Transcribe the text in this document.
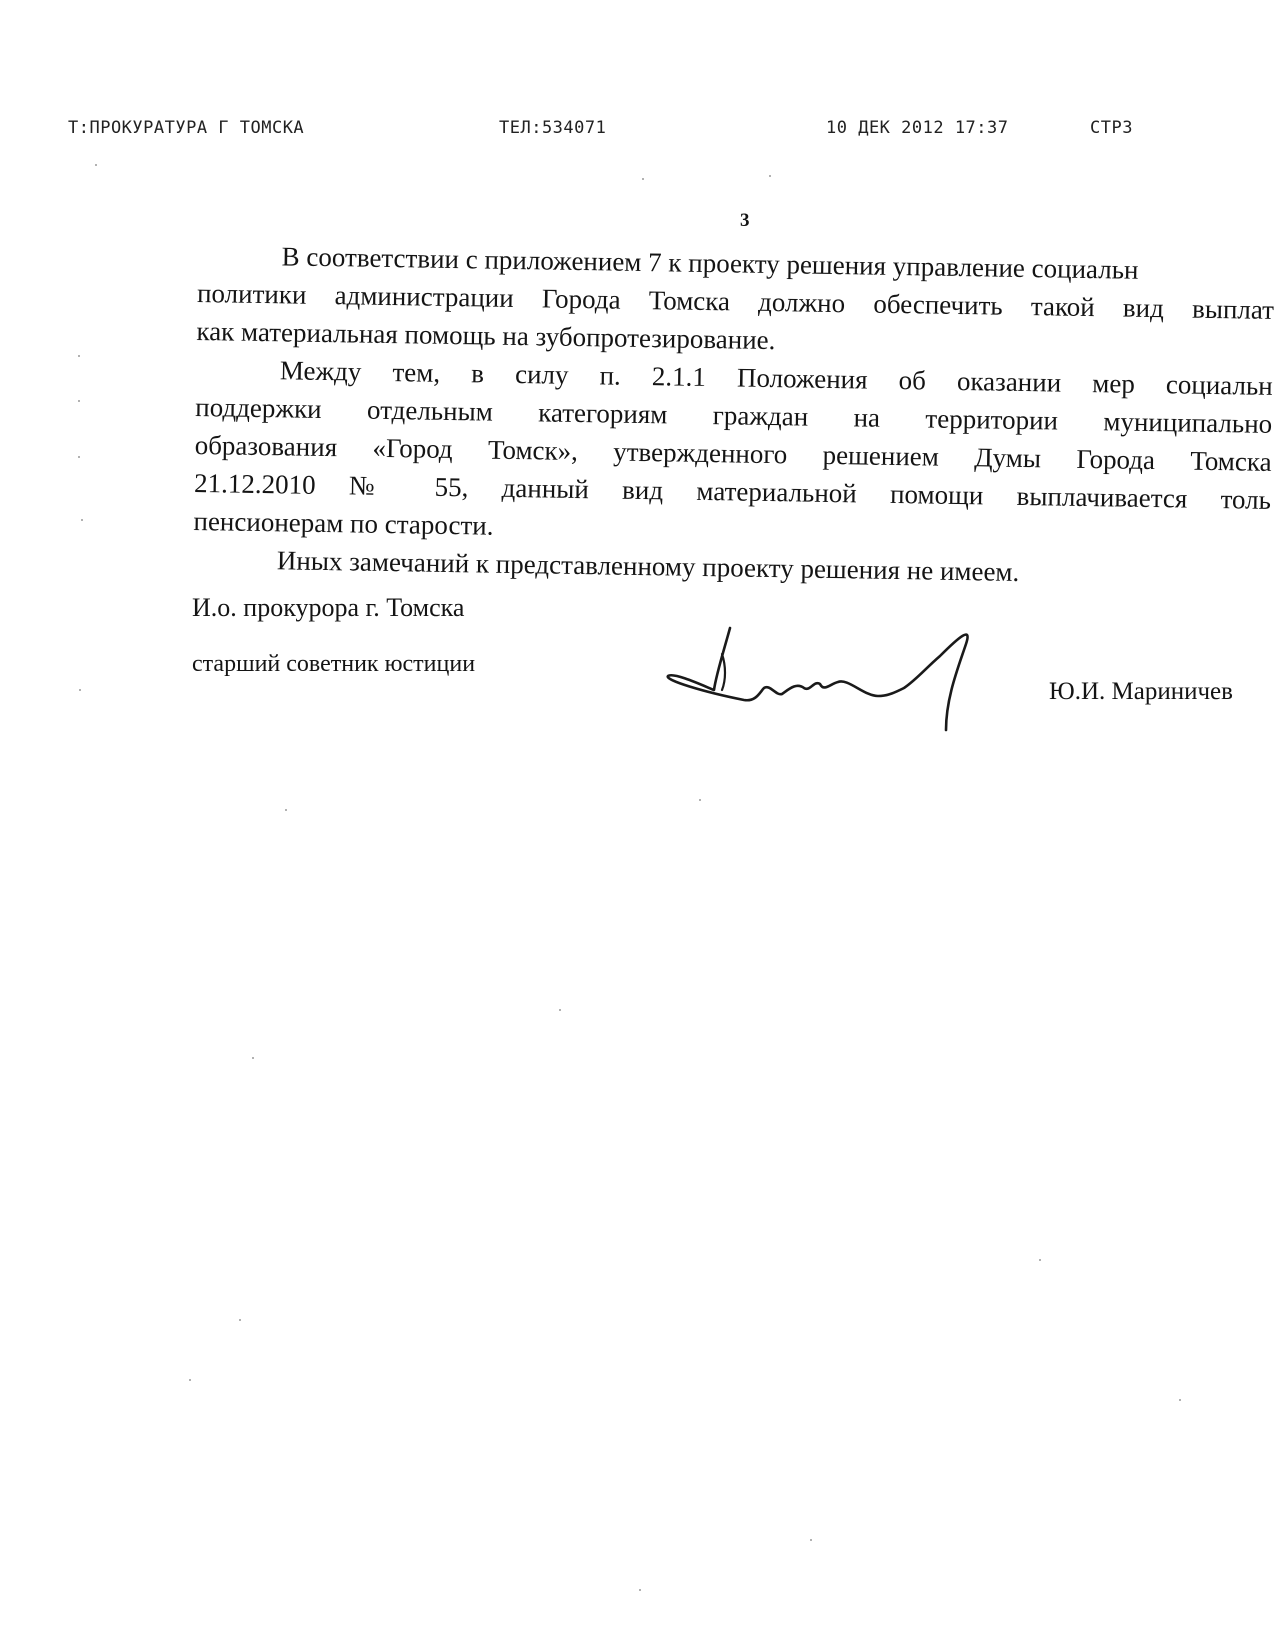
Т:ПРОКУРАТУРА Г ТОМСКА	ТЕЛ:534071	10 ДЕК 2012 17:37	СТР3
3

В соответствии с приложением 7 к проекту решения управление социальн

политики администрации Города Томска должно обеспечить такой вид выплат

как материальная помощь на зубопротезирование.

Между тем, в силу п. 2.1.1 Положения об оказании мер социальн

поддержки отдельным категориям граждан на территории муниципально

образования «Город Томск», утвержденного решением Думы Города Томска

21.12.2010 № 55, данный вид материальной помощи выплачивается толь

пенсионерам по старости.

Иных замечаний к представленному проекту решения не имеем.

И.о. прокурора г. Томска
старший советник юстиции
Ю.И. Мариничев
